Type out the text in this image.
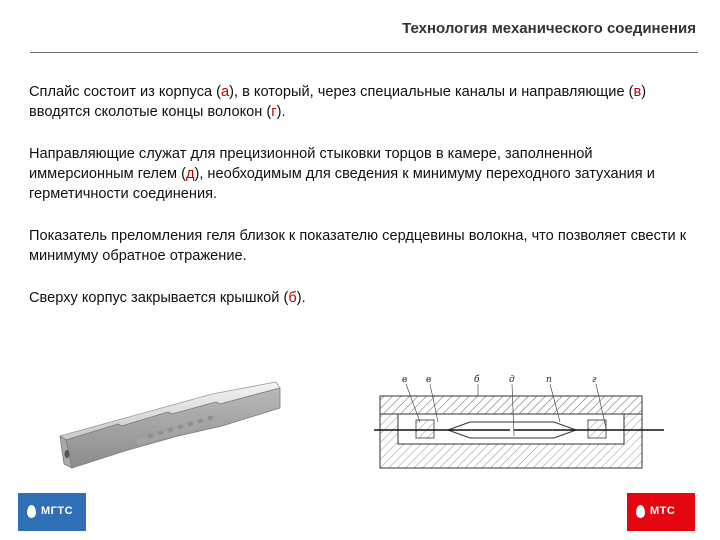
Технология механического соединения

Сплайс состоит из корпуса (а), в который, через специальные каналы и направляющие (в) вводятся сколотые концы волокон (г).

Направляющие служат для прецизионной стыковки торцов в камере, заполненной иммерсионным гелем (д), необходимым для сведения к минимуму переходного затухания и герметичности соединения.

Показатель преломления геля близок к показателю сердцевины волокна, что позволяет свести к минимуму обратное отражение.

Сверху корпус закрывается крышкой (б).

в в	б	д	п	г
МГТС	МТС
